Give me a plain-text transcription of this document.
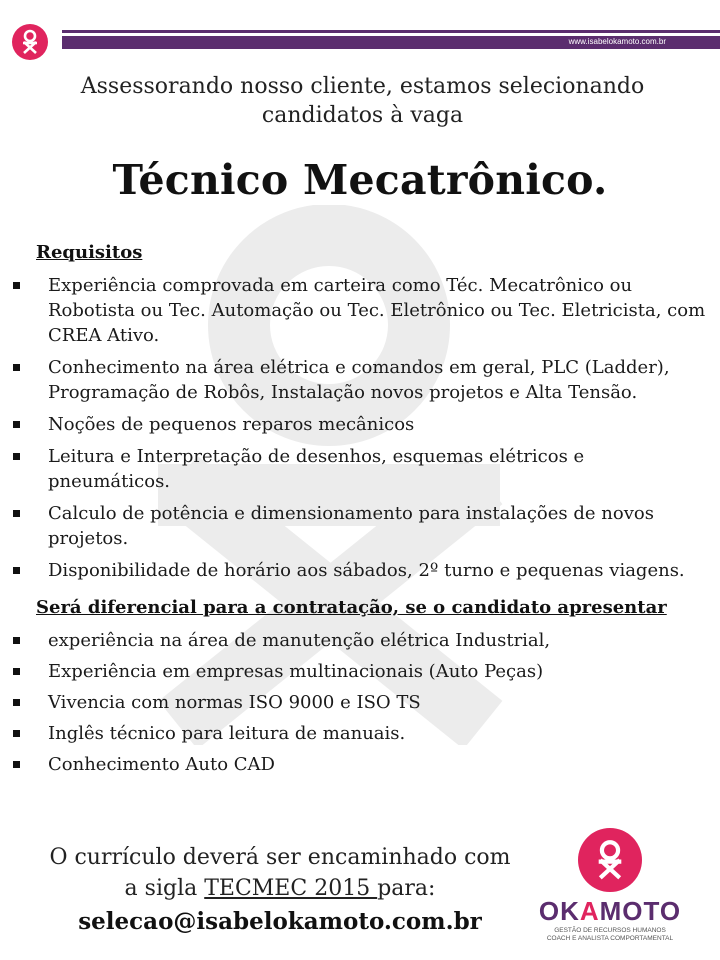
www.isabelokamoto.com.br
Assessorando nosso cliente, estamos selecionando
candidatos à vaga
Técnico Mecatrônico.
Requisitos
Experiência comprovada em carteira como Téc. Mecatrônico ou Robotista ou Tec. Automação ou Tec. Eletrônico ou Tec. Eletricista, com CREA Ativo.
Conhecimento na área elétrica e comandos em geral, PLC (Ladder), Programação de Robôs, Instalação novos projetos e Alta Tensão.
Noções de pequenos reparos mecânicos
Leitura e Interpretação de desenhos, esquemas elétricos e pneumáticos.
Calculo de potência e dimensionamento para instalações de novos projetos.
Disponibilidade de horário aos sábados, 2º turno e pequenas viagens.
Será diferencial para a contratação, se o candidato apresentar
experiência na área de manutenção elétrica Industrial,
Experiência em empresas multinacionais (Auto Peças)
Vivencia com normas ISO 9000 e ISO TS
Inglês técnico para leitura de manuais.
Conhecimento Auto CAD
O currículo deverá ser encaminhado com
a sigla TECMEC 2015 para:
selecao@isabelokamoto.com.br	OKAMOTO
GESTÃO DE RECURSOS HUMANOS
COACH E ANALISTA COMPORTAMENTAL
